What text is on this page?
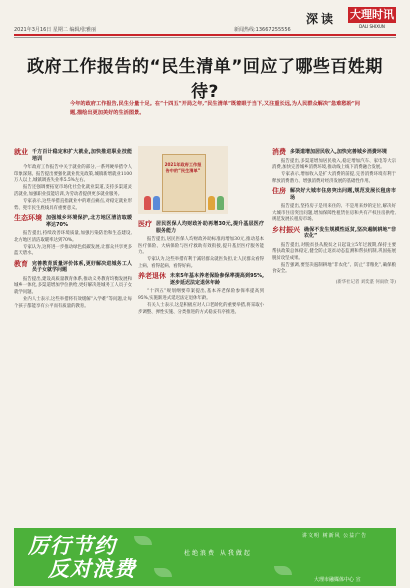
2021年3月16日 星期二 编辑/张雅丽	新闻热线:13667255556
深读 大理时讯
DALI SHIXUN
政府工作报告的“民生清单”回应了哪些百姓期待?
今年的政府工作报告,民生分量十足。在“十四五”开局之年,“民生清单”既着眼于当下,又注重长远,为人民群众解决“急难愁盼”问题,描绘出更加美好的生活图景。
2021年政府工作报告中的“民生清单”
就业 千方百计稳定和扩大就业,加快推进职业技能培训

今年政府工作报告中关于就业的部分,一系列硬举措令人印象深刻。报告提出要强化就业优先政策,城镇新增就业1100万人以上,城镇调查失业率5.5%左右。

报告还强调要拓宽市场化社会化就业渠道,支持多渠道灵活就业,加强职业技能培训,为劳动者提供更多就业服务。

专家表示,这些举措直指就业中的难点痛点,对稳定就业形势、兜牢民生底线具有重要意义。

生态环境 加强城乡环境保护,北方地区清洁取暖率达70%

报告提出,持续改善环境质量,加强污染防治和生态建设,北方地区清洁取暖率达到70%。

专家认为,这将进一步推动绿色低碳发展,让群众共享更多蓝天碧水。

教育 完善教育质量评价体系,更好解决进城务工人员子女就学问题

报告提出,建设高质量教育体系,推动义务教育均衡发展和城乡一体化,多渠道增加学位供给,更好解决进城务工人员子女就学问题。

业内人士表示,这些举措将有效缓解“入学难”等问题,让每个孩子都能享有公平而有质量的教育。

医疗 居民医保人均财政补助再增30元,提升基层医疗服务能力

报告提出,居民医保人均财政补助标准再增加30元,推动基本医疗保险、大病保险与医疗救助有效衔接,提升基层医疗服务能力。

专家认为,这些举措有利于减轻群众就医负担,让人民群众看得上病、看得起病、看得好病。

养老退休 未来5年基本养老保险参保率提高到95%,逐步延迟法定退休年龄

“十四五”规划纲要草案提出,基本养老保险参保率提高到95%,实施渐进式延迟法定退休年龄。

有关人士表示,这是积极应对人口老龄化的重要举措,将采取小步调整、弹性实施、分类推进的方式稳妥有序推进。

消费 多渠道增加居民收入,加快完善城乡消费环境

报告提出,多渠道增加居民收入,稳定增加汽车、家电等大宗消费,加快完善城乡消费环境,推动线上线下消费融合发展。

专家表示,增加收入是扩大消费的前提,完善消费环境有利于释放消费潜力、增强消费对经济发展的基础性作用。

住房 解决好大城市住房突出问题,规范发展长租房市场

报告提出,坚持房子是用来住的、不是用来炒的定位,解决好大城市住房突出问题,增加保障性租赁住房和共有产权住房供给,规范发展长租房市场。

乡村振兴 确保不发生规模性返贫,坚决遏制耕地“非农化”

报告提出,对脱贫县从脱贫之日起设立5年过渡期,保持主要帮扶政策总体稳定,健全防止返贫动态监测和帮扶机制,巩固拓展脱贫攻坚成果。

报告强调,要坚决遏制耕地“非农化”、防止“非粮化”,确保粮食安全。

(新华社记者 刘奕湛 何雨欣 等)
讲文明 树新风 公益广告
厉行节约
反对浪费
杜绝浪费 从我做起
大理市融媒体中心 宣
